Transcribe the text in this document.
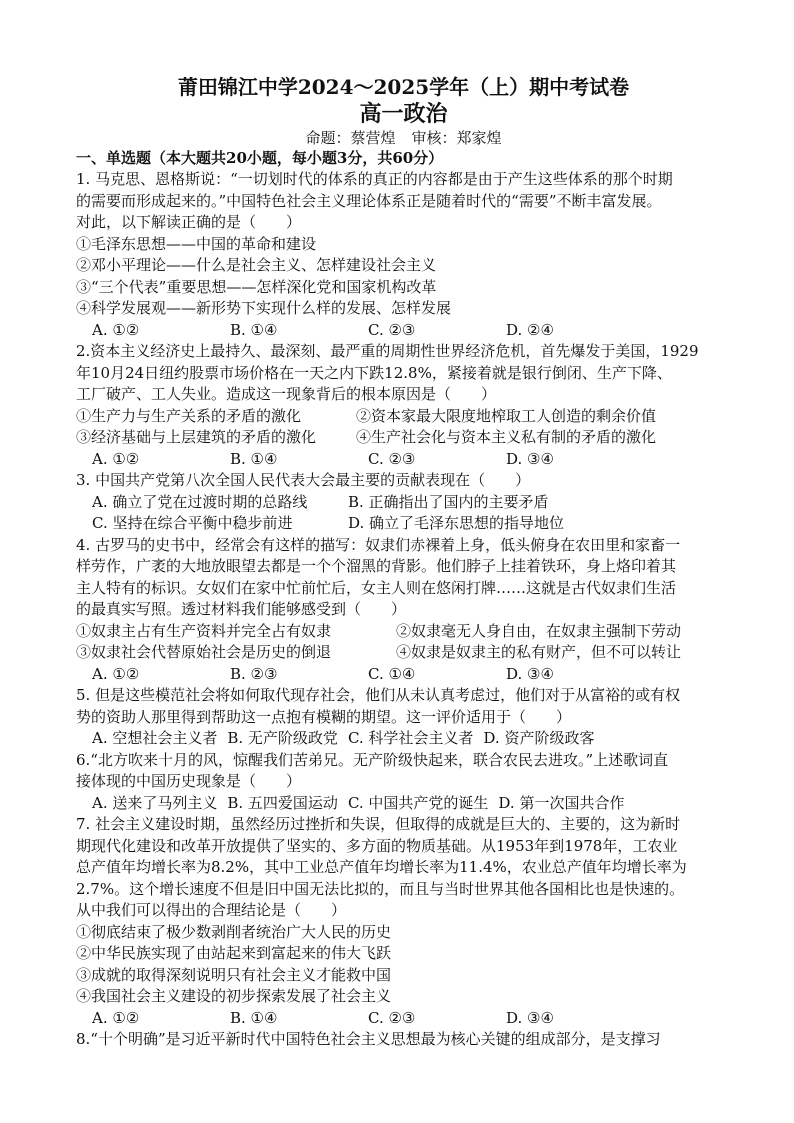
莆田锦江中学2024～2025学年（上）期中考试卷

高一政治

命题：蔡营煌 审核：郑家煌

一、单选题（本大题共20小题，每小题3分，共60分）

1. 马克思、恩格斯说：“一切划时代的体系的真正的内容都是由于产生这些体系的那个时期
的需要而形成起来的。”中国特色社会主义理论体系正是随着时代的“需要”不断丰富发展。
对此，以下解读正确的是（　　）
①毛泽东思想——中国的革命和建设
②邓小平理论——什么是社会主义、怎样建设社会主义
③“三个代表”重要思想——怎样深化党和国家机构改革
④科学发展观——新形势下实现什么样的发展、怎样发展
A. ①②	B. ①④	C. ②③	D. ②④
2.资本主义经济史上最持久、最深刻、最严重的周期性世界经济危机，首先爆发于美国，1929
年10月24日纽约股票市场价格在一天之内下跌12.8%，紧接着就是银行倒闭、生产下降、
工厂破产、工人失业。造成这一现象背后的根本原因是（　　）
①生产力与生产关系的矛盾的激化	②资本家最大限度地榨取工人创造的剩余价值
③经济基础与上层建筑的矛盾的激化	④生产社会化与资本主义私有制的矛盾的激化
A. ①②	B. ①④	C. ②③	D. ③④
3. 中国共产党第八次全国人民代表大会最主要的贡献表现在（　　）
A. 确立了党在过渡时期的总路线	B. 正确指出了国内的主要矛盾
C. 坚持在综合平衡中稳步前进	D. 确立了毛泽东思想的指导地位
4. 古罗马的史书中，经常会有这样的描写：奴隶们赤裸着上身，低头俯身在农田里和家畜一
样劳作，广袤的大地放眼望去都是一个个溜黑的背影。他们脖子上挂着铁环，身上烙印着其
主人特有的标识。女奴们在家中忙前忙后，女主人则在悠闲打牌……这就是古代奴隶们生活
的最真实写照。透过材料我们能够感受到（　　）
①奴隶主占有生产资料并完全占有奴隶	②奴隶毫无人身自由，在奴隶主强制下劳动
③奴隶社会代替原始社会是历史的倒退	④奴隶是奴隶主的私有财产，但不可以转让
A. ①②	B. ②③	C. ①④	D. ③④
5. 但是这些模范社会将如何取代现存社会，他们从未认真考虑过，他们对于从富裕的或有权
势的资助人那里得到帮助这一点抱有模糊的期望。这一评价适用于（　　）
A. 空想社会主义者 B. 无产阶级政党 C. 科学社会主义者 D. 资产阶级政客
6.“北方吹来十月的风，惊醒我们苦弟兄。无产阶级快起来，联合农民去进攻。”上述歌词直
接体现的中国历史现象是（　　）
A. 送来了马列主义 B. 五四爱国运动 C. 中国共产党的诞生 D. 第一次国共合作
7. 社会主义建设时期，虽然经历过挫折和失误，但取得的成就是巨大的、主要的，这为新时
期现代化建设和改革开放提供了坚实的、多方面的物质基础。从1953年到1978年，工农业
总产值年均增长率为8.2%，其中工业总产值年均增长率为11.4%，农业总产值年均增长率为
2.7%。这个增长速度不但是旧中国无法比拟的，而且与当时世界其他各国相比也是快速的。
从中我们可以得出的合理结论是（　　）
①彻底结束了极少数剥削者统治广大人民的历史
②中华民族实现了由站起来到富起来的伟大飞跃
③成就的取得深刻说明只有社会主义才能救中国
④我国社会主义建设的初步探索发展了社会主义
A. ①②	B. ①④	C. ②③	D. ③④
8.“十个明确”是习近平新时代中国特色社会主义思想最为核心关键的组成部分，是支撑习
